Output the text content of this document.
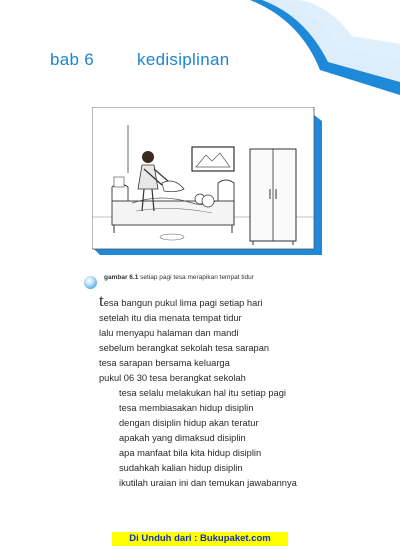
bab 6	kedisiplinan
gambar 6.1 setiap pagi tesa merapikan tempat tidur
tesa bangun pukul lima pagi setiap hari
setelah itu dia menata tempat tidur
lalu menyapu halaman dan mandi
sebelum berangkat sekolah tesa sarapan
tesa sarapan bersama keluarga
pukul 06 30 tesa berangkat sekolah
tesa selalu melakukan hal itu setiap pagi
tesa membiasakan hidup disiplin
dengan disiplin hidup akan teratur
apakah yang dimaksud disiplin
apa manfaat bila kita hidup disiplin
sudahkah kalian hidup disiplin
ikutilah uraian ini dan temukan jawabannya
Di Unduh dari : Bukupaket.com
